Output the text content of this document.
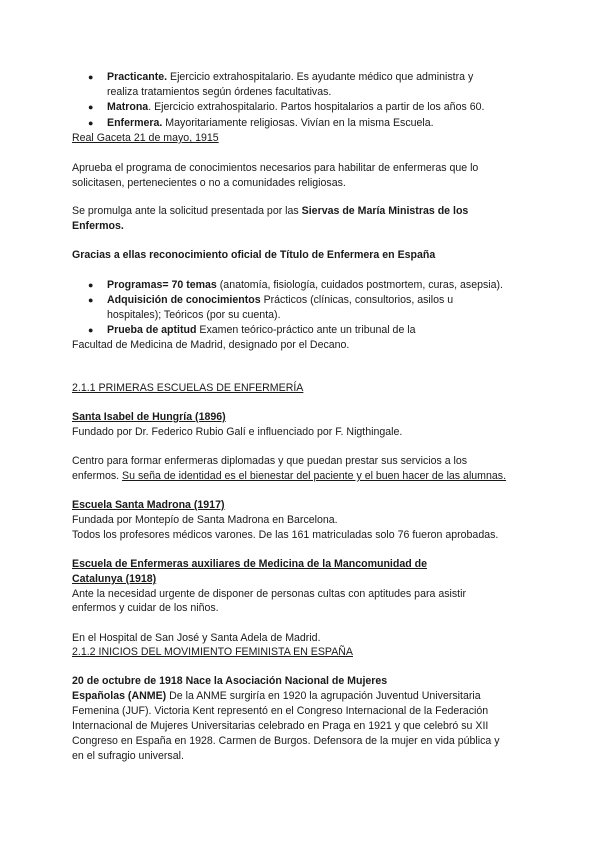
● Practicante. Ejercicio extrahospitalario. Es ayudante médico que administra y
realiza tratamientos según órdenes facultativas.
● Matrona. Ejercicio extrahospitalario. Partos hospitalarios a partir de los años 60.
● Enfermera. Mayoritariamente religiosas. Vivían en la misma Escuela.
Real Gaceta 21 de mayo, 1915
Aprueba el programa de conocimientos necesarios para habilitar de enfermeras que lo
solicitasen, pertenecientes o no a comunidades religiosas.
Se promulga ante la solicitud presentada por las Siervas de María Ministras de los
Enfermos.
Gracias a ellas reconocimiento oficial de Título de Enfermera en España
● Programas= 70 temas (anatomía, fisiología, cuidados postmortem, curas, asepsia).
● Adquisición de conocimientos Prácticos (clínicas, consultorios, asilos u
hospitales); Teóricos (por su cuenta).
● Prueba de aptitud Examen teórico-práctico ante un tribunal de la
Facultad de Medicina de Madrid, designado por el Decano.
2.1.1 PRIMERAS ESCUELAS DE ENFERMERÍA
Santa Isabel de Hungría (1896)
Fundado por Dr. Federico Rubio Galí e influenciado por F. Nigthingale.
Centro para formar enfermeras diplomadas y que puedan prestar sus servicios a los
enfermos. Su seña de identidad es el bienestar del paciente y el buen hacer de las alumnas.
Escuela Santa Madrona (1917)
Fundada por Montepío de Santa Madrona en Barcelona.
Todos los profesores médicos varones. De las 161 matriculadas solo 76 fueron aprobadas.
Escuela de Enfermeras auxiliares de Medicina de la Mancomunidad de
Catalunya (1918)
Ante la necesidad urgente de disponer de personas cultas con aptitudes para asistir
enfermos y cuidar de los niños.
En el Hospital de San José y Santa Adela de Madrid.
2.1.2 INICIOS DEL MOVIMIENTO FEMINISTA EN ESPAÑA
20 de octubre de 1918 Nace la Asociación Nacional de Mujeres
Españolas (ANME) De la ANME surgiría en 1920 la agrupación Juventud Universitaria
Femenina (JUF). Victoria Kent representó en el Congreso Internacional de la Federación
Internacional de Mujeres Universitarias celebrado en Praga en 1921 y que celebró su XII
Congreso en España en 1928. Carmen de Burgos. Defensora de la mujer en vida pública y
en el sufragio universal.
